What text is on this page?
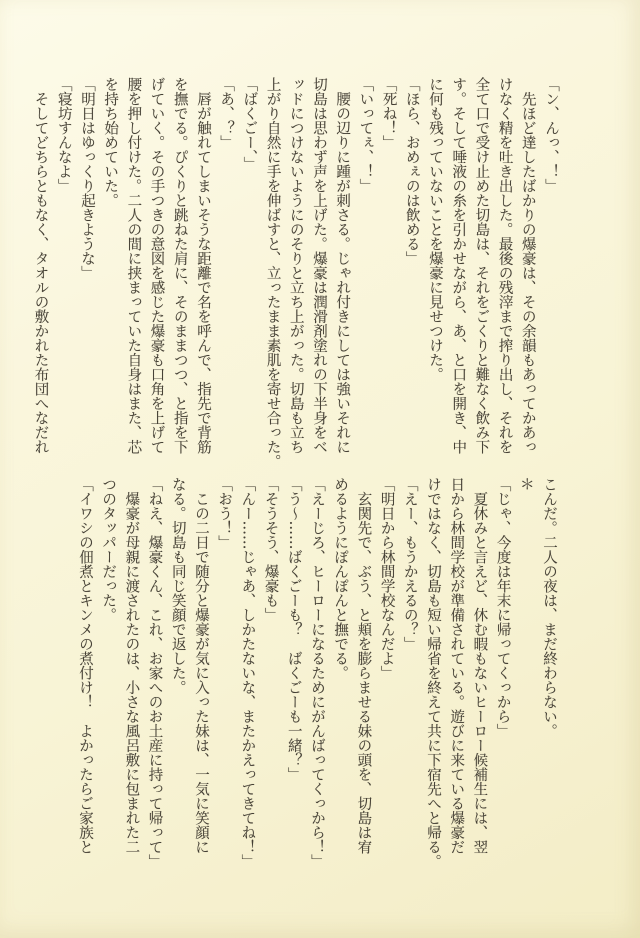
「ン、んっ、！」

　先ほど達したばかりの爆豪は、その余韻もあってかあっ

けなく精を吐き出した。最後の残滓まで搾り出し、それを

全て口で受け止めた切島は、それをごくりと難なく飲み下

す。そして唾液の糸を引かせながら、あ、と口を開き、中

に何も残っていないことを爆豪に見せつけた。

「ほら、おめぇのは飲める」

「死ね！」

「いってぇ、！」

　腰の辺りに踵が刺さる。じゃれ付きにしては強いそれに

切島は思わず声を上げた。爆豪は潤滑剤塗れの下半身をベ

ッドにつけないようにのそりと立ち上がった。切島も立ち

上がり自然に手を伸ばすと、立ったまま素肌を寄せ合った。

「ばくごー、」

「あ、？」

　唇が触れてしまいそうな距離で名を呼んで、指先で背筋

を撫でる。ぴくりと跳ねた肩に、そのままつつ、と指を下

げていく。その手つきの意図を感じた爆豪も口角を上げて

腰を押し付けた。二人の間に挟まっていた自身はまた、芯

を持ち始めていた。

「明日はゆっくり起きような」

「寝坊すんなよ」

　そしてどちらともなく、タオルの敷かれた布団へなだれ

こんだ。二人の夜は、まだ終わらない。

＊

「じゃ、今度は年末に帰ってくっから」

　夏休みと言えど、休む暇もないヒーロー候補生には、翌

日から林間学校が準備されている。遊びに来ている爆豪だ

けではなく、切島も短い帰省を終えて共に下宿先へと帰る。

「えー、もうかえるの？」

「明日から林間学校なんだよ」

　玄関先で、ぶう、と頬を膨らませる妹の頭を、切島は宥

めるようにぽんぽんと撫でる。

「えーじろ、ヒーローになるためにがんばってくっから！」

「う〜……ばくごーも？　ばくごーも一緒？」

「そうそう、爆豪も」

「んー……じゃあ、しかたないな、またかえってきてね！」

「おう！」

　この二日で随分と爆豪が気に入った妹は、一気に笑顔に

なる。切島も同じ笑顔で返した。

「ねえ、爆豪くん、これ、お家へのお土産に持って帰って」

　爆豪が母親に渡されたのは、小さな風呂敷に包まれた二

つのタッパーだった。

「イワシの佃煮とキンメの煮付け！　よかったらご家族と
